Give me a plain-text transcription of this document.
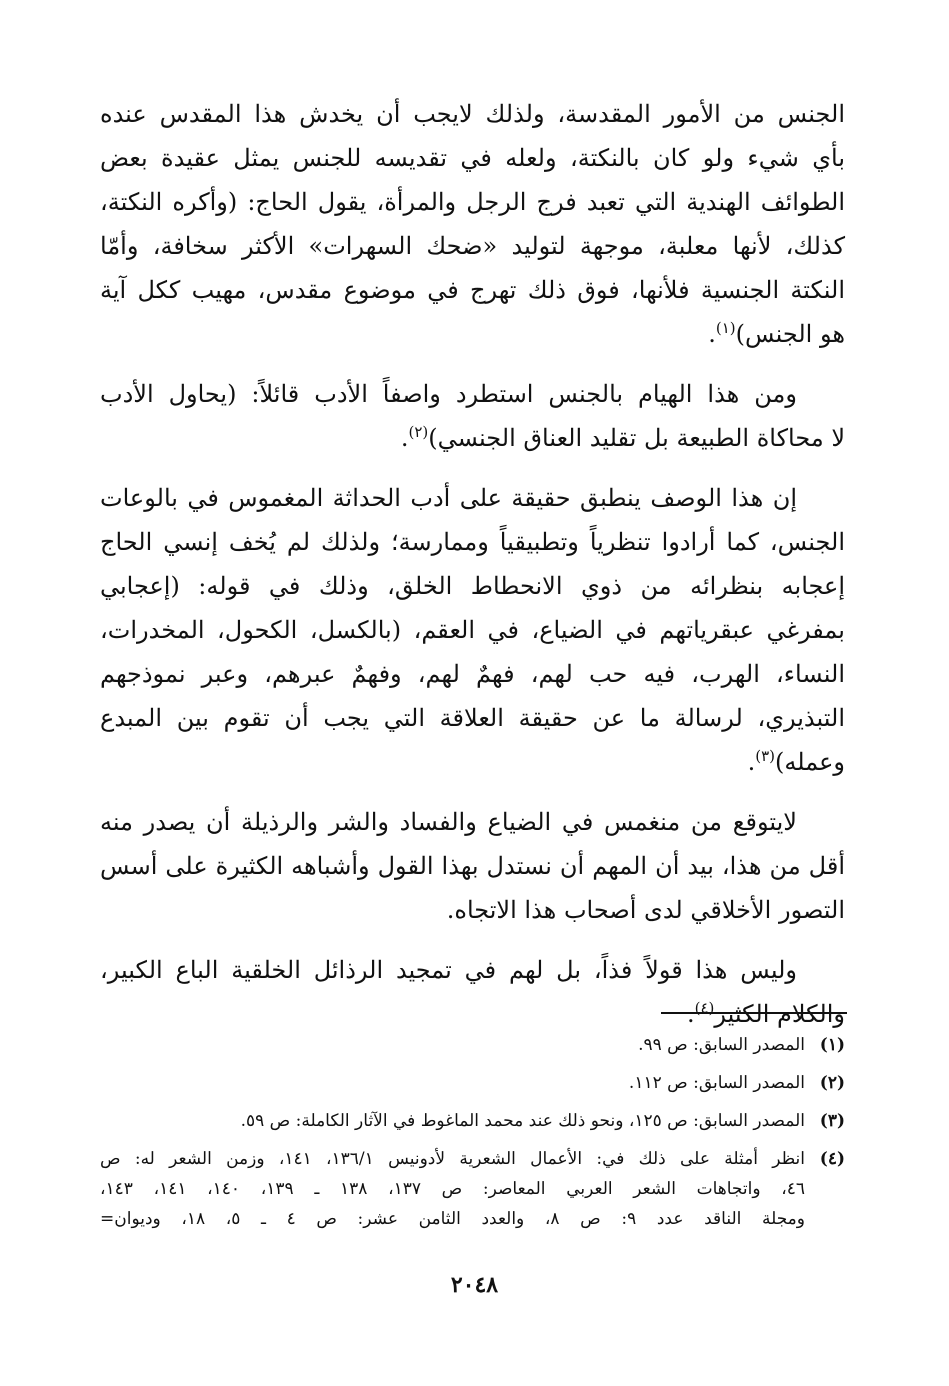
الجنس من الأمور المقدسة، ولذلك لايجب أن يخدش هذا المقدس عنده
بأي شيء ولو كان بالنكتة، ولعله في تقديسه للجنس يمثل عقيدة بعض
الطوائف الهندية التي تعبد فرج الرجل والمرأة، يقول الحاج: (وأكره النكتة،
كذلك، لأنها معلبة، موجهة لتوليد «ضحك السهرات» الأكثر سخافة، وأمّا
النكتة الجنسية فلأنها، فوق ذلك تهرج في موضوع مقدس، مهيب ككل آية
هو الجنس)$^{(١)}$.

ومن هذا الهيام بالجنس استطرد واصفاً الأدب قائلاً: (يحاول الأدب
لا محاكاة الطبيعة بل تقليد العناق الجنسي)$^{(٢)}$.

إن هذا الوصف ينطبق حقيقة على أدب الحداثة المغموس في بالوعات
الجنس، كما أرادوا تنظرياً وتطبيقياً وممارسة؛ ولذلك لم يُخف إنسي الحاج
إعجابه بنظرائه من ذوي الانحطاط الخلق، وذلك في قوله: (إعجابي
بمفرغي عبقرياتهم في الضياع، في العقم، (بالكسل، الكحول، المخدرات،
النساء، الهرب، فيه حب لهم، فهمٌ لهم، وفهمٌ عبرهم، وعبر نموذجهم
التبذيري، لرسالة ما عن حقيقة العلاقة التي يجب أن تقوم بين المبدع
وعمله)$^{(٣)}$.

لايتوقع من منغمس في الضياع والفساد والشر والرذيلة أن يصدر منه
أقل من هذا، بيد أن المهم أن نستدل بهذا القول وأشباهه الكثيرة على أسس
التصور الأخلاقي لدى أصحاب هذا الاتجاه.

وليس هذا قولاً فذاً، بل لهم في تمجيد الرذائل الخلقية الباع الكبير،
والكلام الكثير$^{(٤)}$.

(١)
المصدر السابق: ص ٩٩.
(٢)
المصدر السابق: ص ١١٢.
(٣)
المصدر السابق: ص ١٢٥، ونحو ذلك عند محمد الماغوط في الآثار الكاملة: ص ٥٩.
(٤)
انظر أمثلة على ذلك في: الأعمال الشعرية لأدونيس ١٣٦/١، ١٤١، وزمن الشعر له: ص
٤٦، واتجاهات الشعر العربي المعاصر: ص ١٣٧، ١٣٨ ـ ١٣٩، ١٤٠، ١٤١، ١٤٣،
ومجلة الناقد عدد ٩: ص ٨، والعدد الثامن عشر: ص ٤ ـ ٥، ١٨، وديوان=
٢٠٤٨
